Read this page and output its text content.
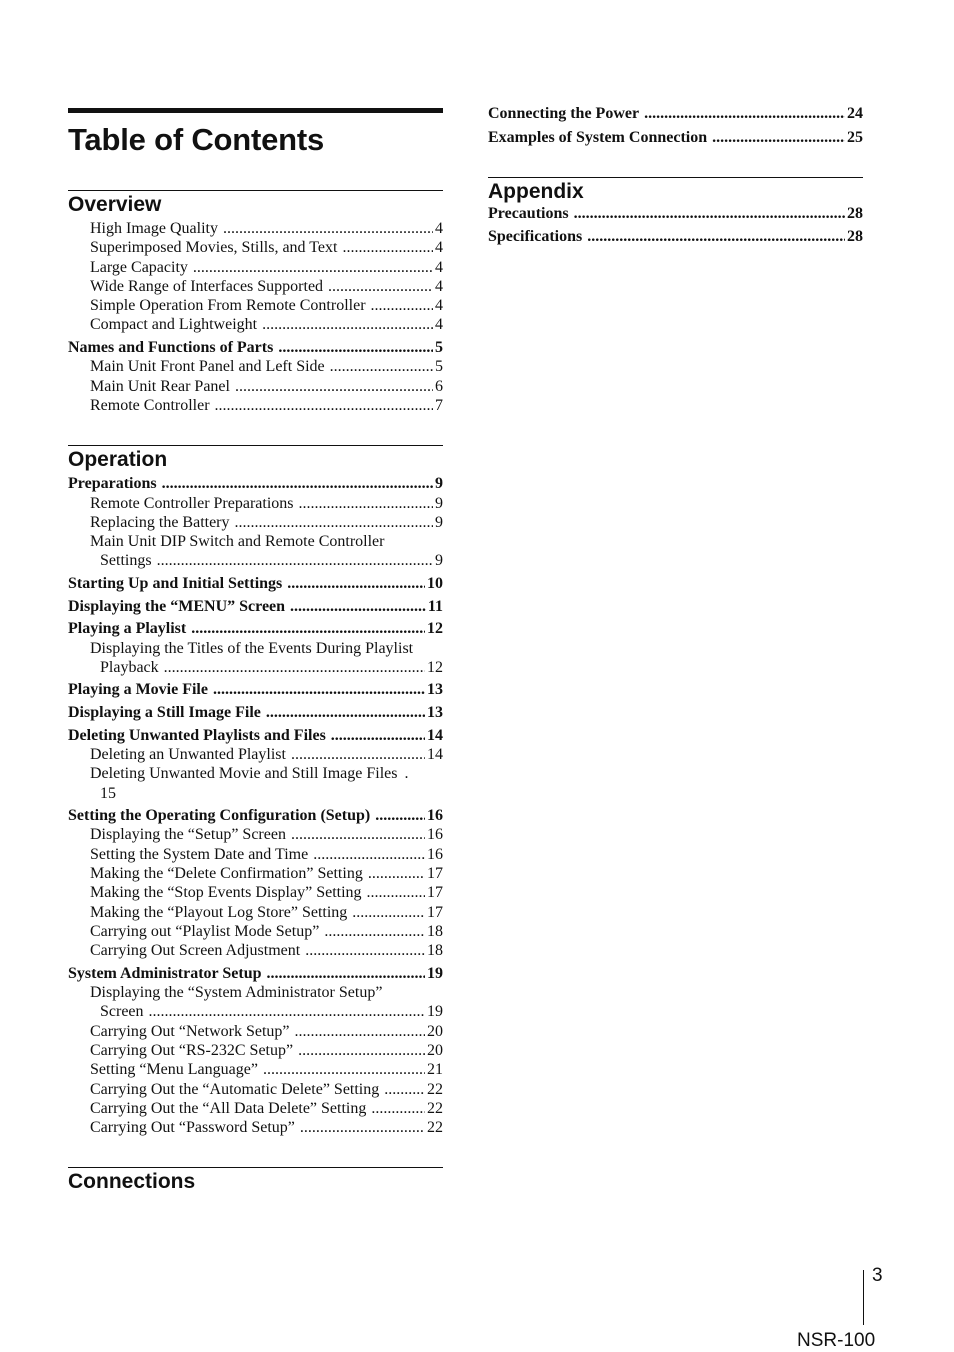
Table of Contents
Overview
High Image Quality .....	4
Superimposed Movies, Stills, and Text .....	4
Large Capacity .....	4
Wide Range of Interfaces Supported .....	4
Simple Operation From Remote Controller .....	4
Compact and Lightweight .....	4
Names and Functions of Parts .....	5
Main Unit Front Panel and Left Side .....	5
Main Unit Rear Panel .....	6
Remote Controller .....	7
Operation
Preparations .....	9
Remote Controller Preparations .....	9
Replacing the Battery .....	9
Main Unit DIP Switch and Remote Controller
Settings .....	9
Starting Up and Initial Settings .....	10
Displaying the “MENU” Screen .....	11
Playing a Playlist .....	12
Displaying the Titles of the Events During Playlist
Playback .....	12
Playing a Movie File .....	13
Displaying a Still Image File .....	13
Deleting Unwanted Playlists and Files .....	14
Deleting an Unwanted Playlist .....	14
Deleting Unwanted Movie and Still Image Files .
15
Setting the Operating Configuration (Setup) .....	16
Displaying the “Setup” Screen .....	16
Setting the System Date and Time .....	16
Making the “Delete Confirmation” Setting .....	17
Making the “Stop Events Display” Setting .....	17
Making the “Playout Log Store” Setting .....	17
Carrying out “Playlist Mode Setup” .....	18
Carrying Out Screen Adjustment .....	18
System Administrator Setup .....	19
Displaying the “System Administrator Setup”
Screen .....	19
Carrying Out “Network Setup” .....	20
Carrying Out “RS-232C Setup” .....	20
Setting “Menu Language” .....	21
Carrying Out the “Automatic Delete” Setting .....	22
Carrying Out the “All Data Delete” Setting .....	22
Carrying Out “Password Setup” .....	22
Connections
Connecting the Power .....	24
Examples of System Connection .....	25
Appendix
Precautions .....	28
Specifications .....	28
3
NSR-100
